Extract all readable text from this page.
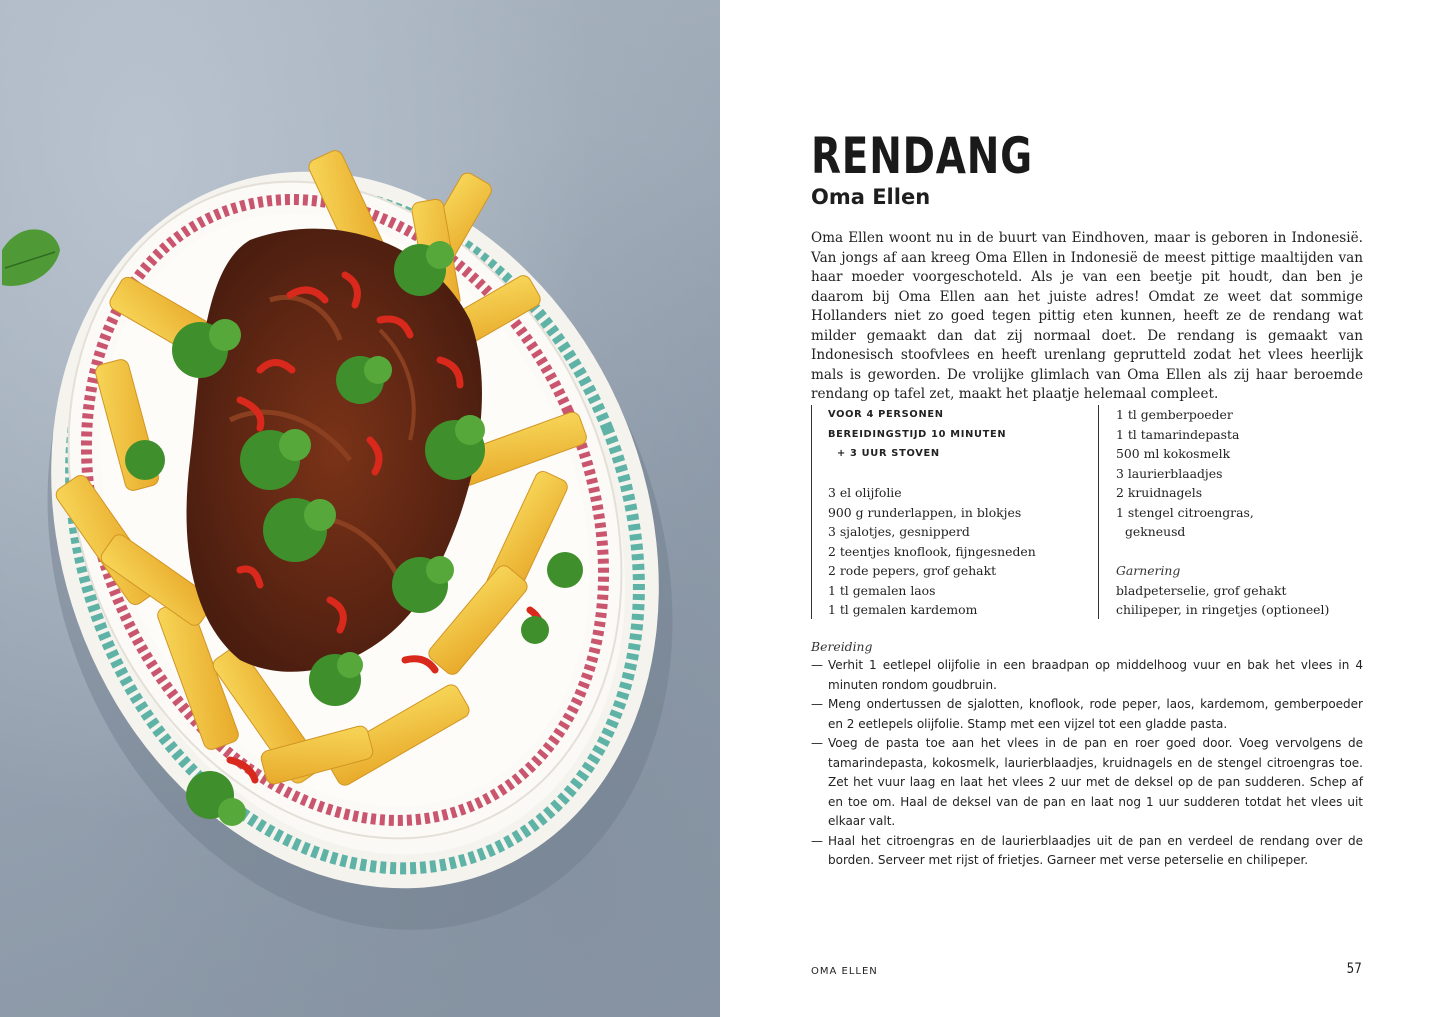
RENDANG
Oma Ellen

Oma Ellen woont nu in de buurt van Eindhoven, maar is geboren in Indonesië. Van jongs af aan kreeg Oma Ellen in Indonesië de meest pittige maaltijden van haar moeder voorgeschoteld. Als je van een beetje pit houdt, dan ben je daarom bij Oma Ellen aan het juiste adres! Omdat ze weet dat sommige Hollanders niet zo goed tegen pittig eten kunnen, heeft ze de rendang wat milder gemaakt dan dat zij normaal doet. De rendang is gemaakt van Indonesisch stoofvlees en heeft urenlang geprutteld zodat het vlees heerlijk mals is geworden. De vrolijke glimlach van Oma Ellen als zij haar beroemde rendang op tafel zet, maakt het plaatje helemaal compleet.

VOOR 4 PERSONEN

BEREIDINGSTIJD 10 MINUTEN

+ 3 UUR STOVEN

3 el olijfolie
900 g runderlappen, in blokjes
3 sjalotjes, gesnipperd
2 teentjes knoflook, fijngesneden
2 rode pepers, grof gehakt
1 tl gemalen laos
1 tl gemalen kardemom
1 tl gemberpoeder
1 tl tamarindepasta
500 ml kokosmelk
3 laurierblaadjes
2 kruidnagels
1 stengel citroengras,
gekneusd

Garnering

bladpeterselie, grof gehakt
chilipeper, in ringetjes (optioneel)

Bereiding

— Verhit 1 eetlepel olijfolie in een braadpan op middelhoog vuur en bak het vlees in 4 minuten rondom goudbruin.
— Meng ondertussen de sjalotten, knoflook, rode peper, laos, kardemom, gemberpoeder en 2 eetlepels olijfolie. Stamp met een vijzel tot een gladde pasta.
— Voeg de pasta toe aan het vlees in de pan en roer goed door. Voeg vervolgens de tamarindepasta, kokosmelk, laurierblaadjes, kruidnagels en de stengel citroengras toe. Zet het vuur laag en laat het vlees 2 uur met de deksel op de pan sudderen. Schep af en toe om. Haal de deksel van de pan en laat nog 1 uur sudderen totdat het vlees uit elkaar valt.
— Haal het citroengras en de laurierblaadjes uit de pan en verdeel de rendang over de borden. Serveer met rijst of frietjes. Garneer met verse peterselie en chilipeper.

OMA ELLEN	57
